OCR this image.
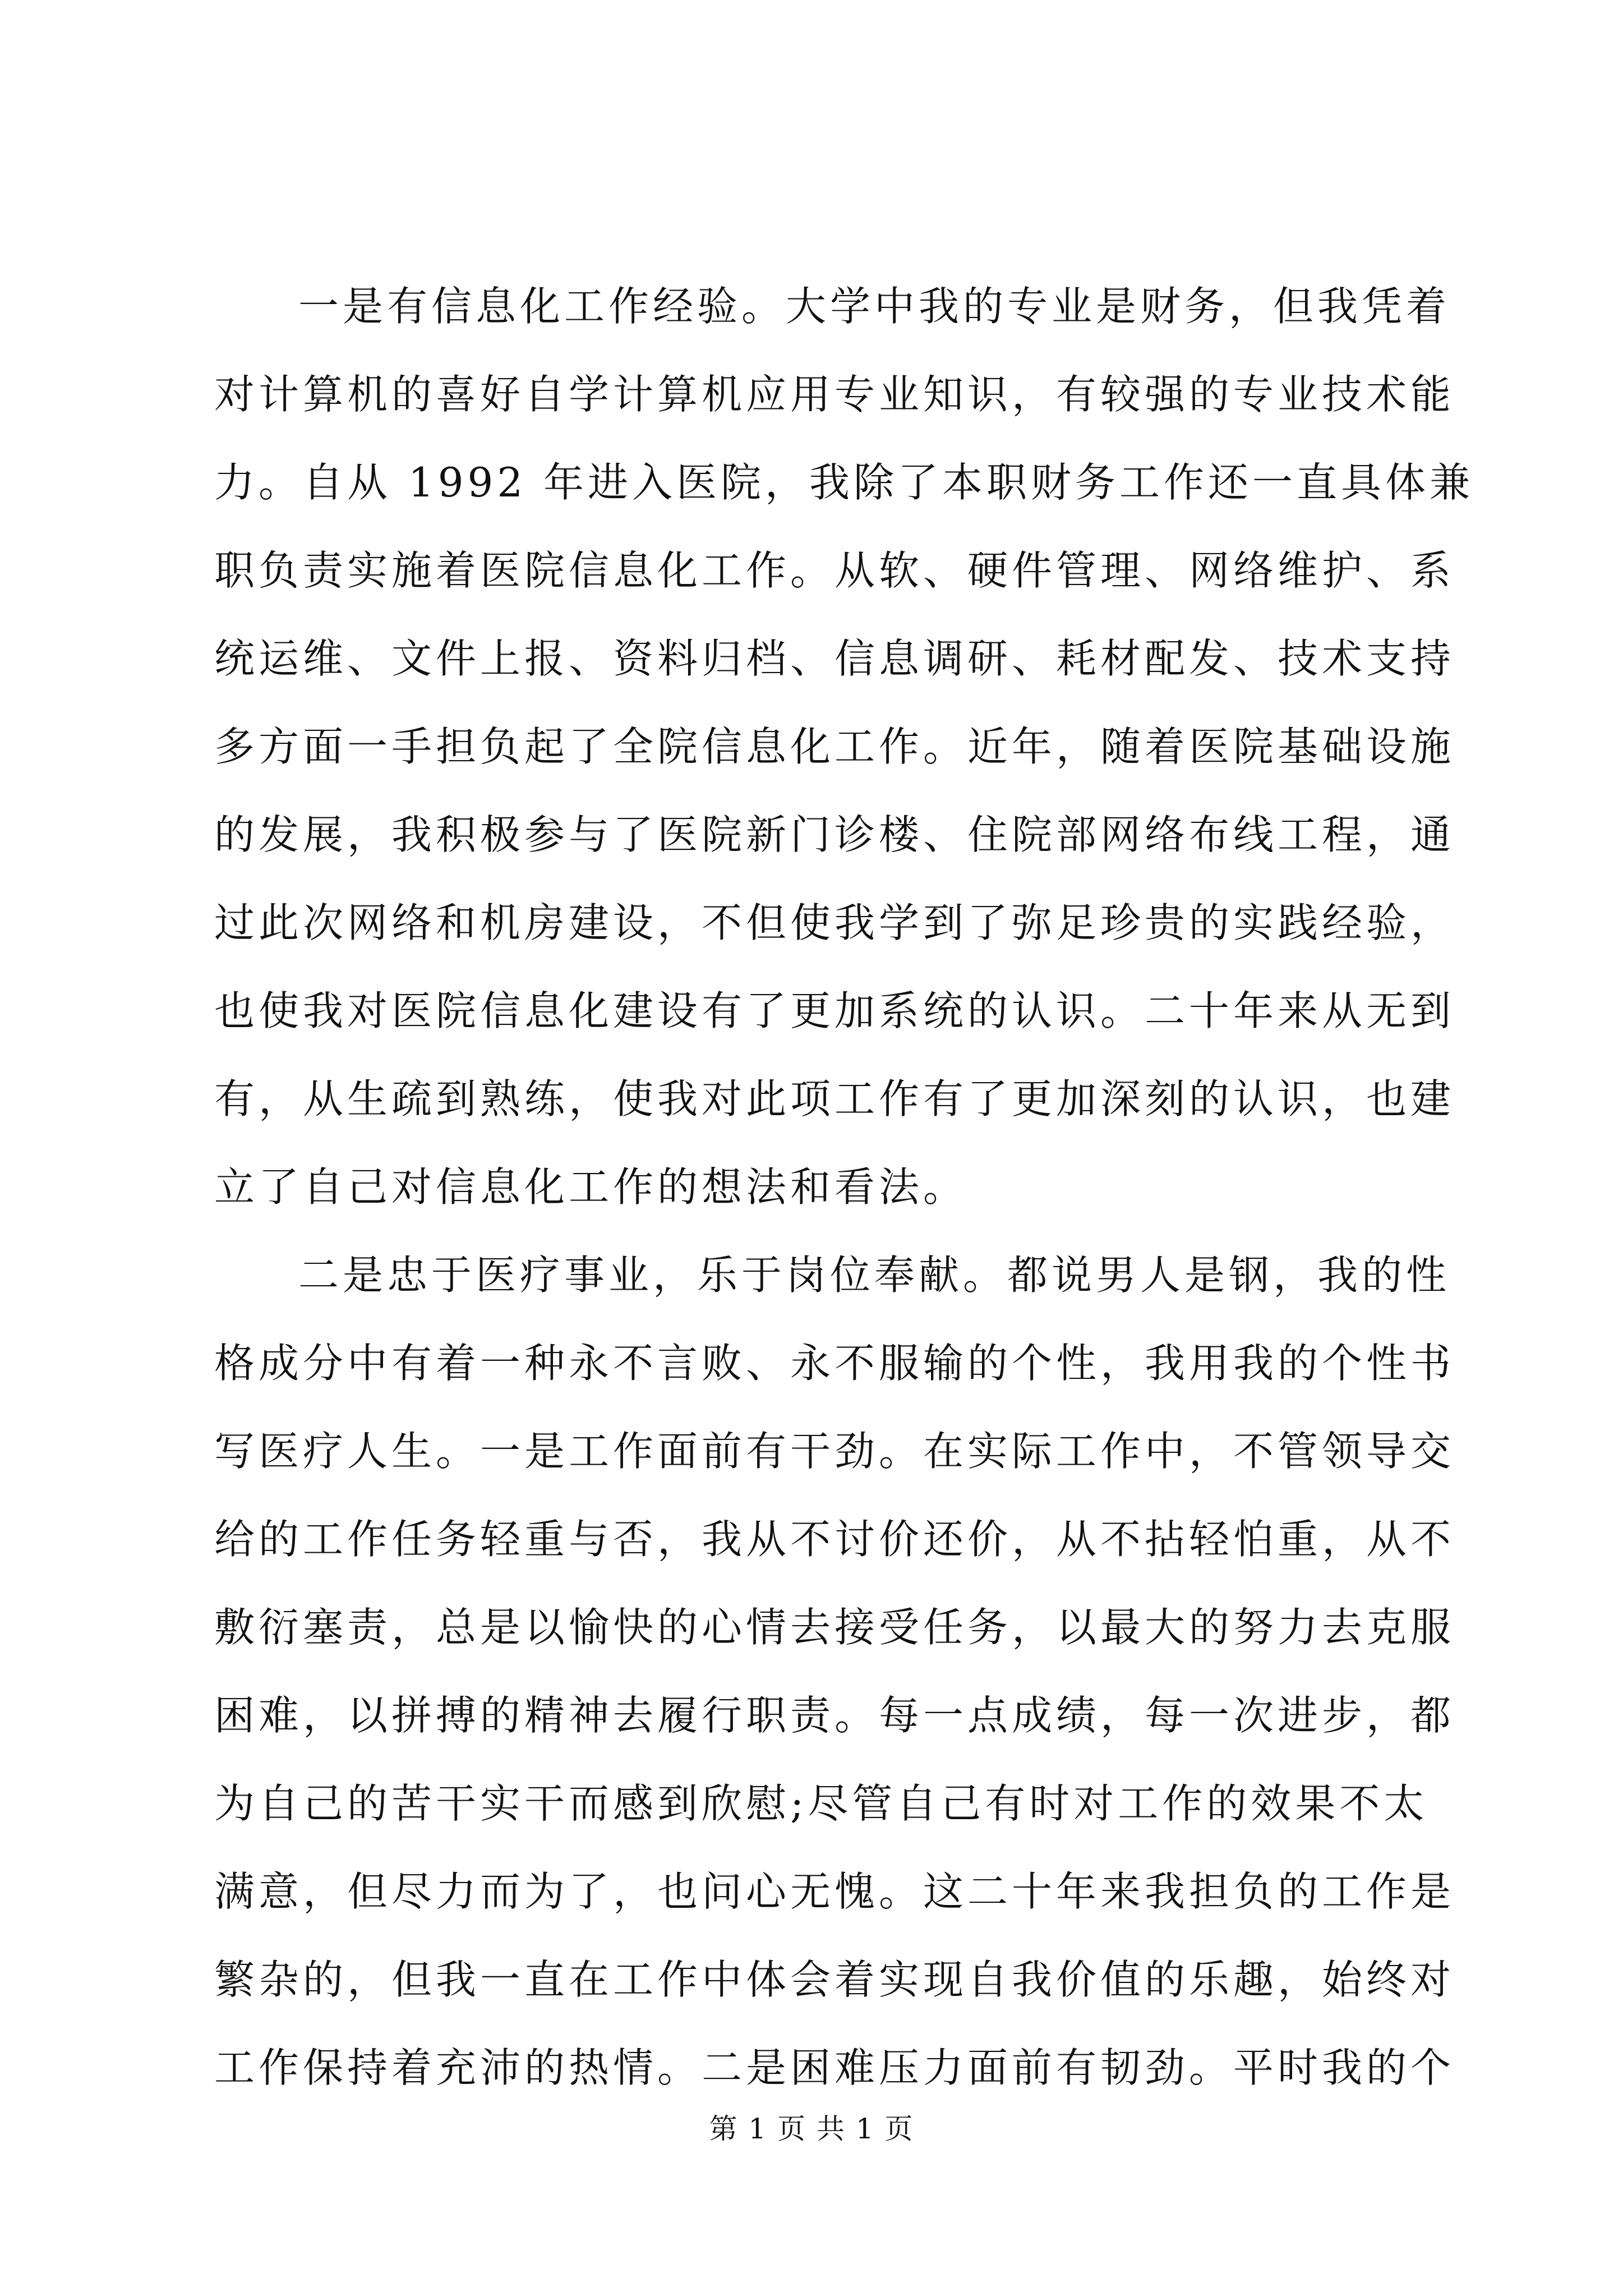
一是有信息化工作经验。大学中我的专业是财务，但我凭着
对计算机的喜好自学计算机应用专业知识，有较强的专业技术能
力。自从 1992 年进入医院，我除了本职财务工作还一直具体兼
职负责实施着医院信息化工作。从软、硬件管理、网络维护、系
统运维、文件上报、资料归档、信息调研、耗材配发、技术支持
多方面一手担负起了全院信息化工作。近年，随着医院基础设施
的发展，我积极参与了医院新门诊楼、住院部网络布线工程，通
过此次网络和机房建设，不但使我学到了弥足珍贵的实践经验，
也使我对医院信息化建设有了更加系统的认识。二十年来从无到
有，从生疏到熟练，使我对此项工作有了更加深刻的认识，也建
立了自己对信息化工作的想法和看法。
二是忠于医疗事业，乐于岗位奉献。都说男人是钢，我的性
格成分中有着一种永不言败、永不服输的个性，我用我的个性书
写医疗人生。一是工作面前有干劲。在实际工作中，不管领导交
给的工作任务轻重与否，我从不讨价还价，从不拈轻怕重，从不
敷衍塞责，总是以愉快的心情去接受任务，以最大的努力去克服
困难，以拼搏的精神去履行职责。每一点成绩，每一次进步，都
为自己的苦干实干而感到欣慰;尽管自己有时对工作的效果不太
满意，但尽力而为了，也问心无愧。这二十年来我担负的工作是
繁杂的，但我一直在工作中体会着实现自我价值的乐趣，始终对
工作保持着充沛的热情。二是困难压力面前有韧劲。平时我的个
第 1 页 共 1 页
